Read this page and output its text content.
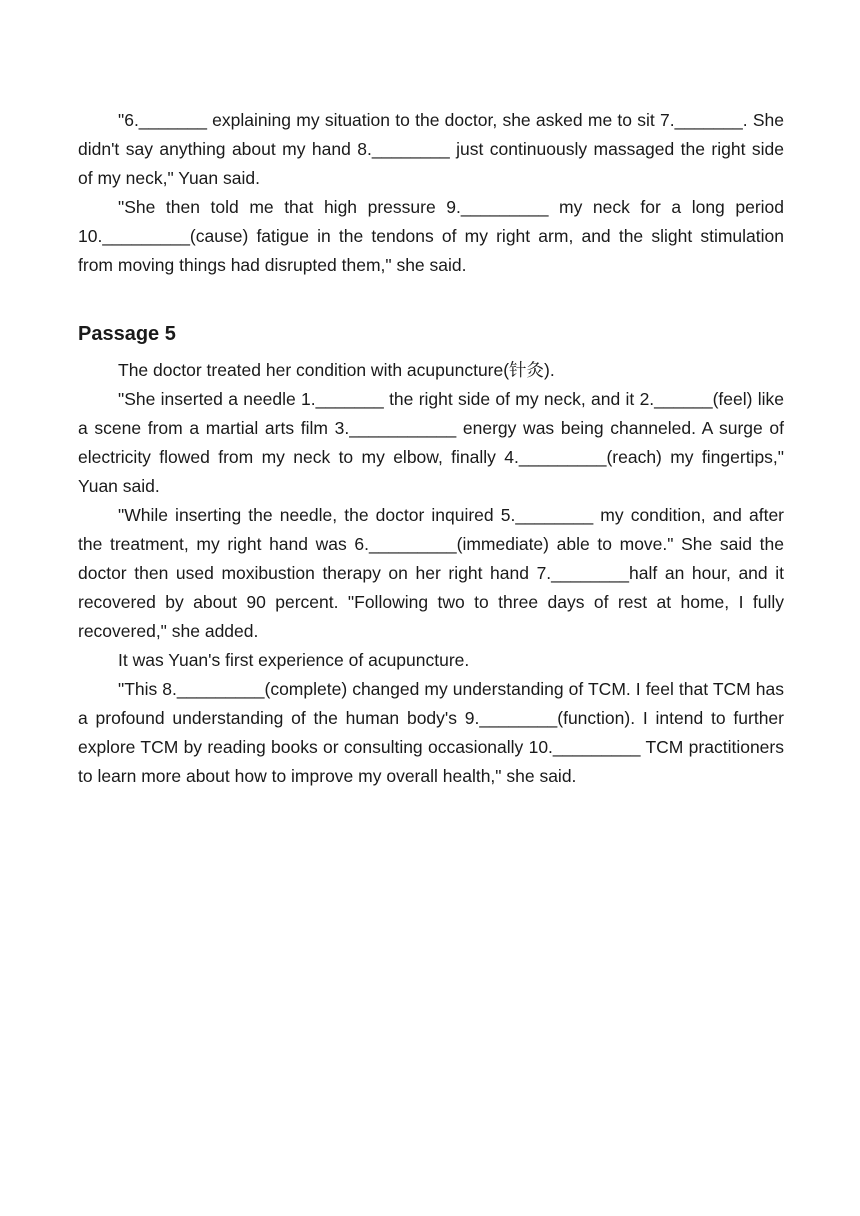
"6._______ explaining my situation to the doctor, she asked me to sit 7._______. She didn't say anything about my hand 8.________ just continuously massaged the right side of my neck," Yuan said.

"She then told me that high pressure 9._________ my neck for a long period 10._________(cause) fatigue in the tendons of my right arm, and the slight stimulation from moving things had disrupted them," she said.

Passage 5

The doctor treated her condition with acupuncture(针灸).

"She inserted a needle 1._______ the right side of my neck, and it 2.______(feel) like a scene from a martial arts film 3.___________ energy was being channeled. A surge of electricity flowed from my neck to my elbow, finally 4._________(reach) my fingertips," Yuan said.

"While inserting the needle, the doctor inquired 5.________ my condition, and after the treatment, my right hand was 6._________(immediate) able to move." She said the doctor then used moxibustion therapy on her right hand 7.________half an hour, and it recovered by about 90 percent. "Following two to three days of rest at home, I fully recovered," she added.

It was Yuan's first experience of acupuncture.

"This 8._________(complete) changed my understanding of TCM. I feel that TCM has a profound understanding of the human body's 9.________(function). I intend to further explore TCM by reading books or consulting occasionally 10._________ TCM practitioners to learn more about how to improve my overall health," she said.
